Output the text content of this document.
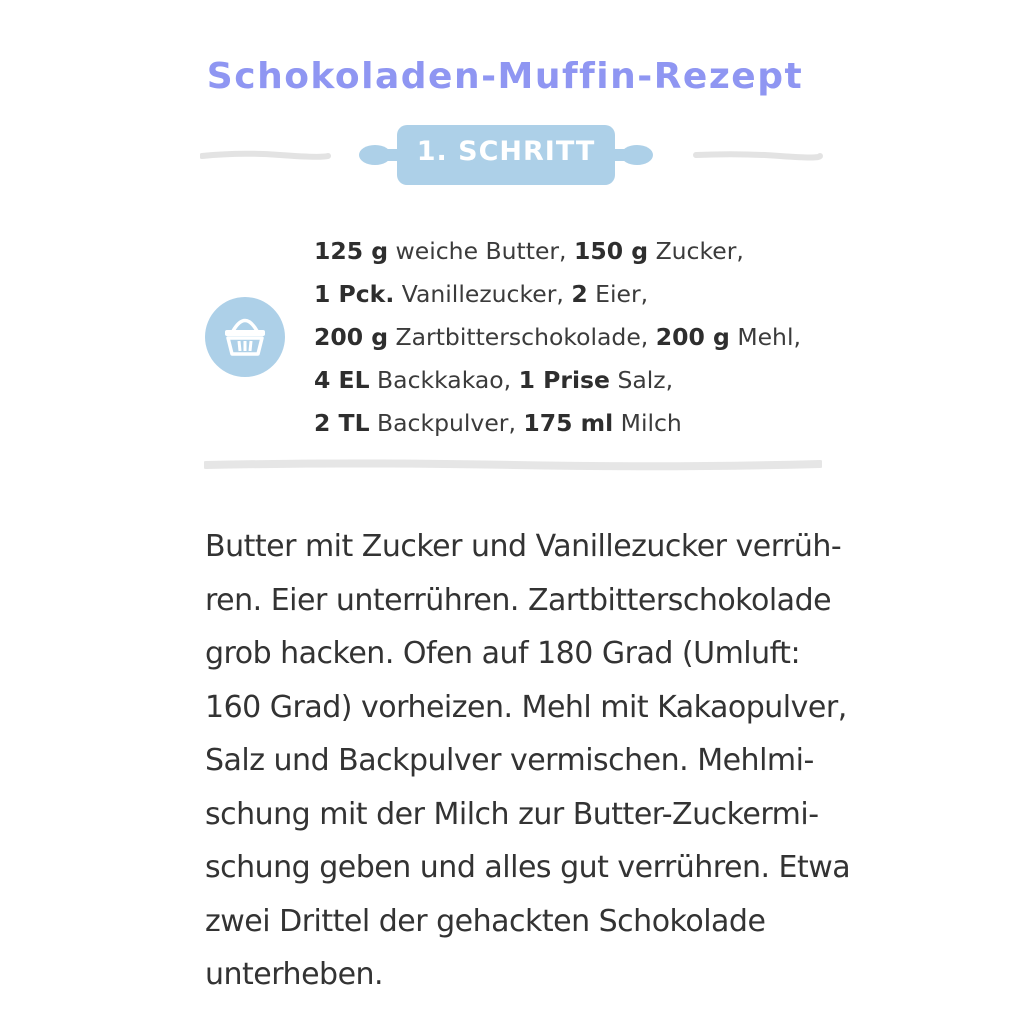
Schokoladen-Muffin-Rezept
1. SCHRITT
125 g weiche Butter, 150 g Zucker,
1 Pck. Vanillezucker, 2 Eier,
200 g Zartbitterschokolade, 200 g Mehl,
4 EL Backkakao, 1 Prise Salz,
2 TL Backpulver, 175 ml Milch
Butter mit Zucker und Vanillezucker verrüh-
ren. Eier unterrühren. Zartbitterschokolade
grob hacken. Ofen auf 180 Grad (Umluft:
160 Grad) vorheizen. Mehl mit Kakaopulver,
Salz und Backpulver vermischen. Mehlmi-
schung mit der Milch zur Butter-Zuckermi-
schung geben und alles gut verrühren. Etwa
zwei Drittel der gehackten Schokolade
unterheben.
